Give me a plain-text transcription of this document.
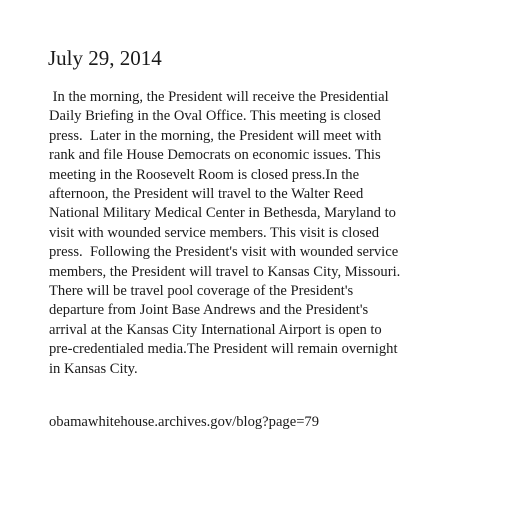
July 29, 2014
In the morning, the President will receive the Presidential
Daily Briefing in the Oval Office. This meeting is closed
press.  Later in the morning, the President will meet with
rank and file House Democrats on economic issues. This
meeting in the Roosevelt Room is closed press.In the
afternoon, the President will travel to the Walter Reed
National Military Medical Center in Bethesda, Maryland to
visit with wounded service members. This visit is closed
press.  Following the President's visit with wounded service
members, the President will travel to Kansas City, Missouri.
There will be travel pool coverage of the President's
departure from Joint Base Andrews and the President's
arrival at the Kansas City International Airport is open to
pre-credentialed media.The President will remain overnight
in Kansas City.
obamawhitehouse.archives.gov/blog?page=79
